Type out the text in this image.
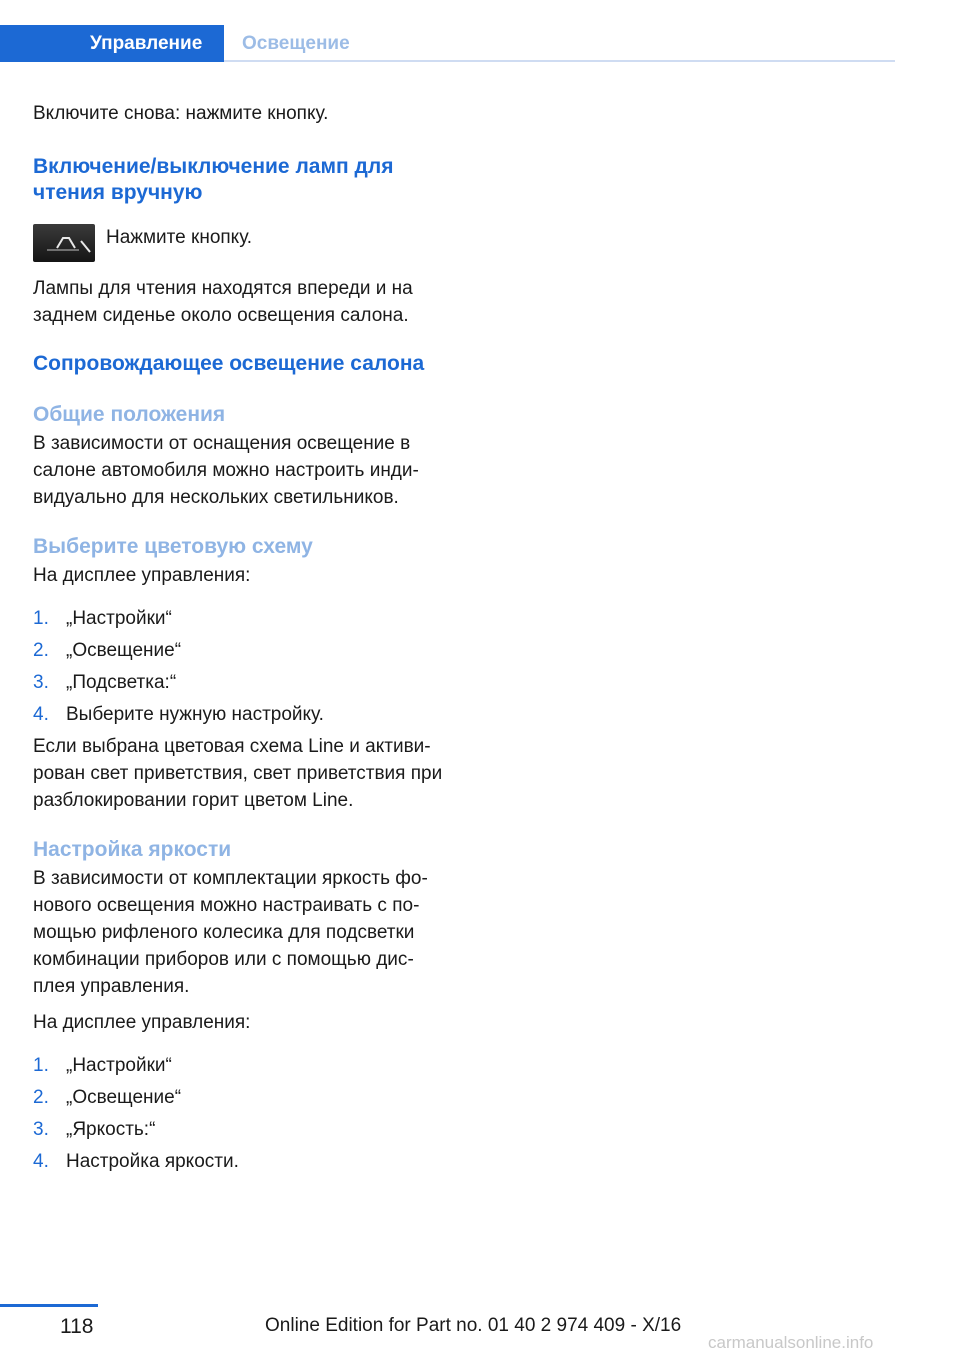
Управление	Освещение

Включите снова: нажмите кнопку.

Включение/выключение ламп для чтения вручную

Нажмите кнопку.

Лампы для чтения находятся впереди и на заднем сиденье около освещения салона.

Сопровождающее освещение салона
Общие положения

В зависимости от оснащения освещение в салоне автомобиля можно настроить индивидуально для нескольких светильников.

Выберите цветовую схему

На дисплее управления:

1. „Настройки“
2. „Освещение“
3. „Подсветка:“
4. Выберите нужную настройку.

Если выбрана цветовая схема Line и активирован свет приветствия, свет приветствия при разблокировании горит цветом Line.

Настройка яркости

В зависимости от комплектации яркость фонового освещения можно настраивать с помощью рифленого колесика для подсветки комбинации приборов или с помощью дисплея управления.

На дисплее управления:

1. „Настройки“
2. „Освещение“
3. „Яркость:“
4. Настройка яркости.
118	Online Edition for Part no. 01 40 2 974 409 - X/16
carmanualsonline.info
